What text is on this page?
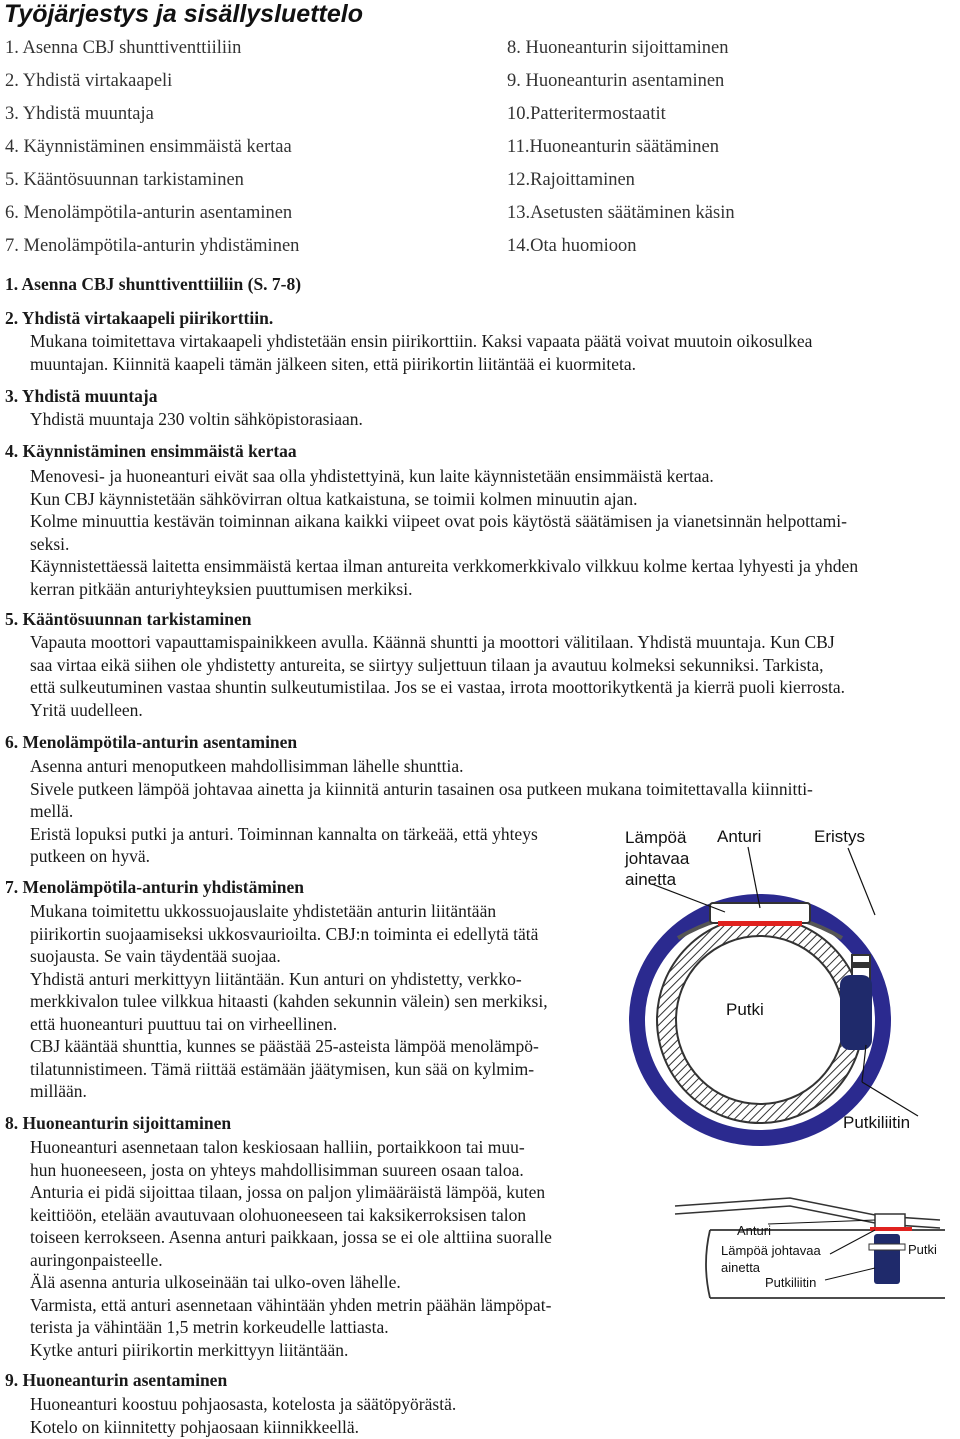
Työjärjestys ja sisällysluettelo
1. Asenna CBJ shunttiventtiiliin
2. Yhdistä virtakaapeli
3. Yhdistä muuntaja
4. Käynnistäminen ensimmäistä kertaa
5. Kääntösuunnan tarkistaminen
6. Menolämpötila-anturin asentaminen
7. Menolämpötila-anturin yhdistäminen
8. Huoneanturin sijoittaminen
9. Huoneanturin asentaminen
10.Patteritermostaatit
11.Huoneanturin säätäminen
12.Rajoittaminen
13.Asetusten säätäminen käsin
14.Ota huomioon
1. Asenna CBJ shunttiventtiiliin (S. 7-8)
2. Yhdistä virtakaapeli piirikorttiin.
Mukana toimitettava virtakaapeli yhdistetään ensin piirikorttiin. Kaksi vapaata päätä voivat muutoin oikosulkea
muuntajan. Kiinnitä kaapeli tämän jälkeen siten, että piirikortin liitäntää ei kuormiteta.
3. Yhdistä muuntaja
Yhdistä muuntaja 230 voltin sähköpistorasiaan.
4. Käynnistäminen ensimmäistä kertaa
Menovesi- ja huoneanturi eivät saa olla yhdistettyinä, kun laite käynnistetään ensimmäistä kertaa.
Kun CBJ käynnistetään sähkövirran oltua katkaistuna, se toimii kolmen minuutin ajan.
Kolme minuuttia kestävän toiminnan aikana kaikki viipeet ovat pois käytöstä säätämisen ja vianetsinnän helpottami-
seksi.
Käynnistettäessä laitetta ensimmäistä kertaa ilman antureita verkkomerkkivalo vilkkuu kolme kertaa lyhyesti ja yhden
kerran pitkään anturiyhteyksien puuttumisen merkiksi.
5. Kääntösuunnan tarkistaminen
Vapauta moottori vapauttamispainikkeen avulla. Käännä shuntti ja moottori välitilaan. Yhdistä muuntaja. Kun CBJ
saa virtaa eikä siihen ole yhdistetty antureita, se siirtyy suljettuun tilaan ja avautuu kolmeksi sekunniksi. Tarkista,
että sulkeutuminen vastaa shuntin sulkeutumistilaa. Jos se ei vastaa, irrota moottorikytkentä ja kierrä puoli kierrosta.
Yritä uudelleen.
6. Menolämpötila-anturin asentaminen
Asenna anturi menoputkeen mahdollisimman lähelle shunttia.
Sivele putkeen lämpöä johtavaa ainetta ja kiinnitä anturin tasainen osa putkeen mukana toimitettavalla kiinnitti-
mellä.
Eristä lopuksi putki ja anturi. Toiminnan kannalta on tärkeää, että yhteys
putkeen on hyvä.
7. Menolämpötila-anturin yhdistäminen
Mukana toimitettu ukkossuojauslaite yhdistetään anturin liitäntään
piirikortin suojaamiseksi ukkosvaurioilta. CBJ:n toiminta ei edellytä tätä
suojausta. Se vain täydentää suojaa.
Yhdistä anturi merkittyyn liitäntään. Kun anturi on yhdistetty, verkko-
merkkivalon tulee vilkkua hitaasti (kahden sekunnin välein) sen merkiksi,
että huoneanturi puuttuu tai on virheellinen.
CBJ kääntää shunttia, kunnes se päästää 25-asteista lämpöä menolämpö-
tilatunnistimeen. Tämä riittää estämään jäätymisen, kun sää on kylmim-
millään.
8. Huoneanturin sijoittaminen
Huoneanturi asennetaan talon keskiosaan halliin, portaikkoon tai muu-
hun huoneeseen, josta on yhteys mahdollisimman suureen osaan taloa.
Anturia ei pidä sijoittaa tilaan, jossa on paljon ylimääräistä lämpöä, kuten
keittiöön, etelään avautuvaan olohuoneeseen tai kaksikerroksisen talon
toiseen kerrokseen. Asenna anturi paikkaan, jossa se ei ole alttiina suoralle
auringonpaisteelle.
Älä asenna anturia ulkoseinään tai ulko-oven lähelle.
Varmista, että anturi asennetaan vähintään yhden metrin päähän lämpöpat-
terista ja vähintään 1,5 metrin korkeudelle lattiasta.
Kytke anturi piirikortin merkittyyn liitäntään.
9. Huoneanturin asentaminen
Huoneanturi koostuu pohjaosasta, kotelosta ja säätöpyörästä.
Kotelo on kiinnitetty pohjaosaan kiinnikkeellä.
Lämpöä
johtavaa
ainetta
Anturi	Eristys
Putki
Putkiliitin
Anturi
Lämpöä johtavaa
ainetta
Putkiliitin
Putki
